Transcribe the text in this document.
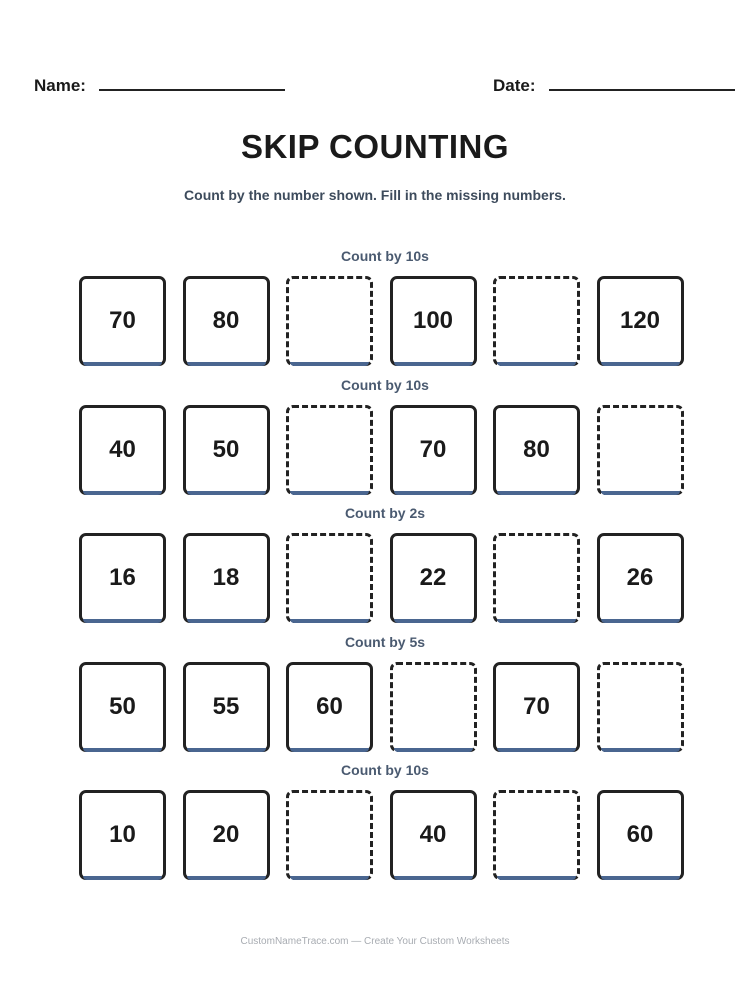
Name:	Date:
SKIP COUNTING
Count by the number shown. Fill in the missing numbers.
Count by 10s
70	80	100	120
Count by 10s
40	50	70	80
Count by 2s
16	18	22	26
Count by 5s
50	55	60	70
Count by 10s
10	20	40	60
CustomNameTrace.com — Create Your Custom Worksheets
